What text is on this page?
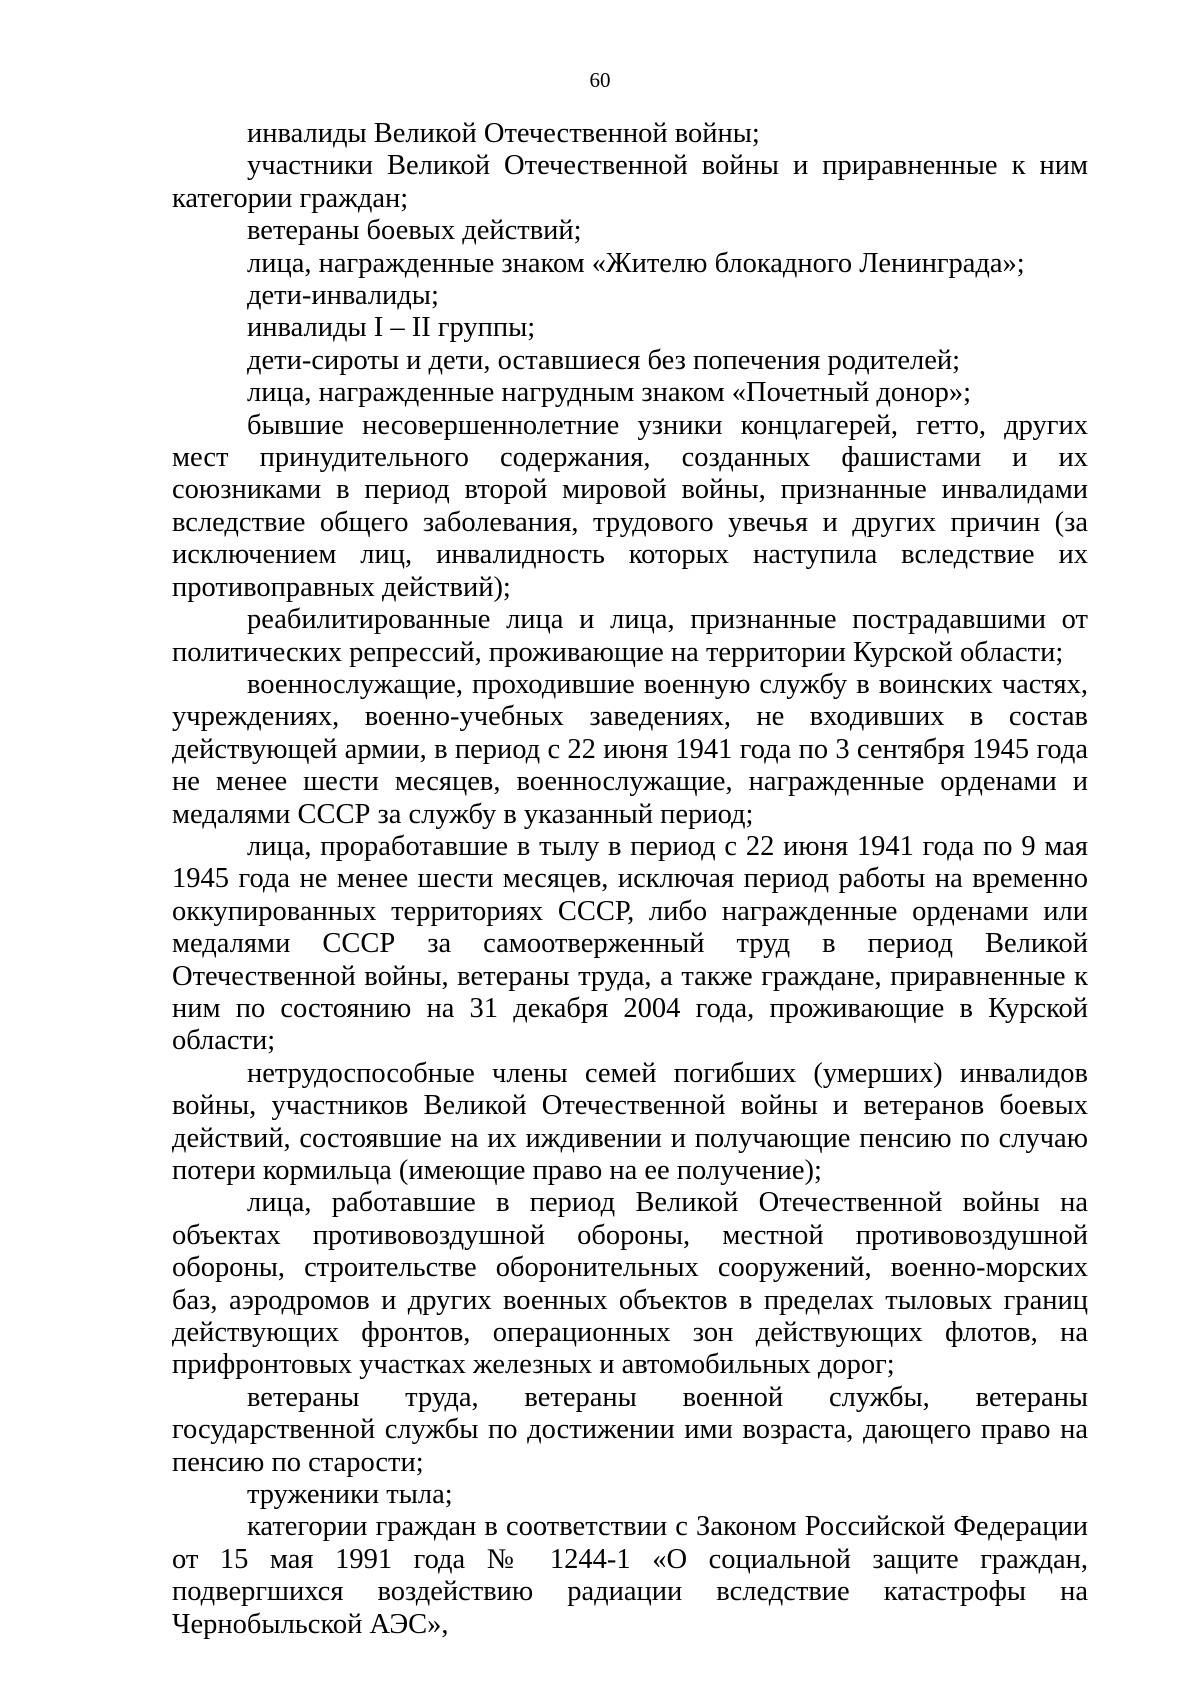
60

инвалиды Великой Отечественной войны;

участники Великой Отечественной войны и приравненные к ним категории граждан;

ветераны боевых действий;

лица, награжденные знаком «Жителю блокадного Ленинграда»;

дети-инвалиды;

инвалиды I – II группы;

дети-сироты и дети, оставшиеся без попечения родителей;

лица, награжденные нагрудным знаком «Почетный донор»;

бывшие несовершеннолетние узники концлагерей, гетто, других мест принудительного содержания, созданных фашистами и их союзниками в период второй мировой войны, признанные инвалидами вследствие общего заболевания, трудового увечья и других причин (за исключением лиц, инвалидность которых наступила вследствие их противоправных действий);

реабилитированные лица и лица, признанные пострадавшими от политических репрессий, проживающие на территории Курской области;

военнослужащие, проходившие военную службу в воинских частях, учреждениях, военно-учебных заведениях, не входивших в состав действующей армии, в период с 22 июня 1941 года по 3 сентября 1945 года не менее шести месяцев, военнослужащие, награжденные орденами и медалями СССР за службу в указанный период;

лица, проработавшие в тылу в период с 22 июня 1941 года по 9 мая 1945 года не менее шести месяцев, исключая период работы на временно оккупированных территориях СССР, либо награжденные орденами или медалями СССР за самоотверженный труд в период Великой Отечественной войны, ветераны труда, а также граждане, приравненные к ним по состоянию на 31 декабря 2004 года, проживающие в Курской области;

нетрудоспособные члены семей погибших (умерших) инвалидов войны, участников Великой Отечественной войны и ветеранов боевых действий, состоявшие на их иждивении и получающие пенсию по случаю потери кормильца (имеющие право на ее получение);

лица, работавшие в период Великой Отечественной войны на объектах противовоздушной обороны, местной противовоздушной обороны, строительстве оборонительных сооружений, военно-морских баз, аэродромов и других военных объектов в пределах тыловых границ действующих фронтов, операционных зон действующих флотов, на прифронтовых участках железных и автомобильных дорог;

ветераны труда, ветераны военной службы, ветераны государственной службы по достижении ими возраста, дающего право на пенсию по старости;

труженики тыла;

категории граждан в соответствии с Законом Российской Федерации от 15 мая 1991 года № 1244-1 «О социальной защите граждан, подвергшихся воздействию радиации вследствие катастрофы на Чернобыльской АЭС»,
